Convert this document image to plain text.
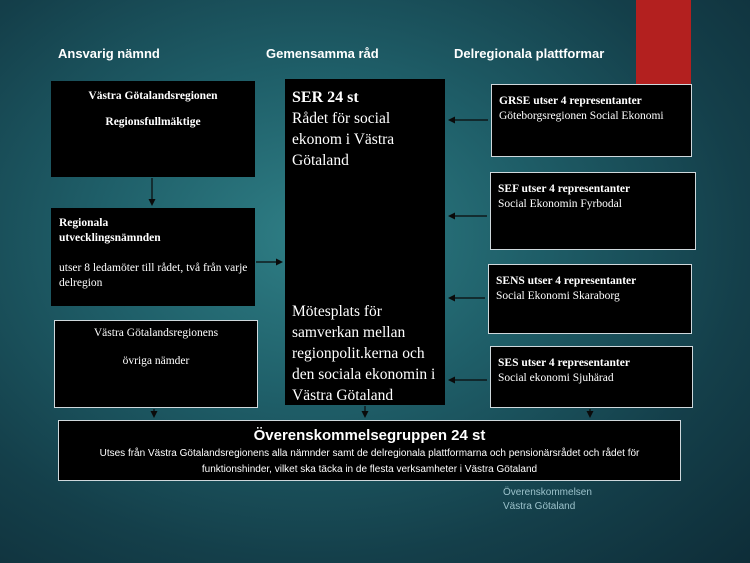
Ansvarig nämnd	Gemensamma råd	Delregionala plattformar
Västra Götalandsregionen
Regionsfullmäktige
Regionala utvecklingsnämnden
utser 8 ledamöter till rådet, två från varje delregion
Västra Götalandsregionens
övriga nämder
SER 24 st
Rådet för social ekonom i Västra Götaland
Mötesplats för samverkan mellan regionpolit.kerna och den sociala ekonomin i Västra Götaland
GRSE utser 4 representanter
Göteborgsregionen Social Ekonomi
SEF utser 4 representanter
Social Ekonomin Fyrbodal
SENS utser 4 representanter
Social Ekonomi Skaraborg
SES utser 4 representanter
Social ekonomi Sjuhärad
Överenskommelsegruppen 24 st
Utses från Västra Götalandsregionens alla nämnder samt de delregionala plattformarna och pensionärsrådet och rådet för funktionshinder, vilket ska täcka in de flesta verksamheter i Västra Götaland
Överenskommelsen
Västra Götaland
